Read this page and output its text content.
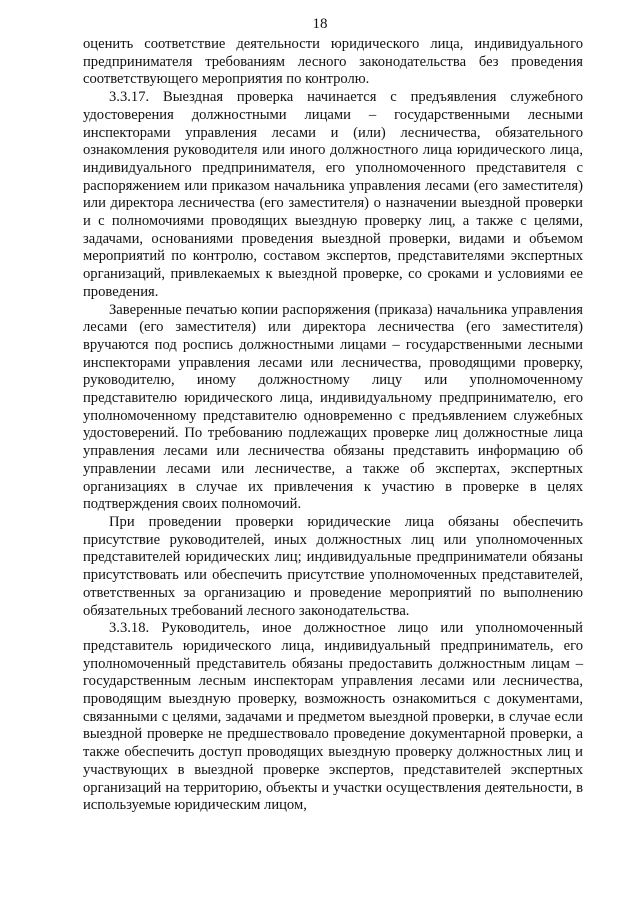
18

оценить соответствие деятельности юридического лица, индивидуального предпринимателя требованиям лесного законодательства без проведения соответствующего мероприятия по контролю.

3.3.17. Выездная проверка начинается с предъявления служебного удостоверения должностными лицами – государственными лесными инспекторами управления лесами и (или) лесничества, обязательного ознакомления руководителя или иного должностного лица юридического лица, индивидуального предпринимателя, его уполномоченного представителя с распоряжением или приказом начальника управления лесами (его заместителя) или директора лесничества (его заместителя) о назначении выездной проверки и с полномочиями проводящих выездную проверку лиц, а также с целями, задачами, основаниями проведения выездной проверки, видами и объемом мероприятий по контролю, составом экспертов, представителями экспертных организаций, привлекаемых к выездной проверке, со сроками и условиями ее проведения.

Заверенные печатью копии распоряжения (приказа) начальника управления лесами (его заместителя) или директора лесничества (его заместителя) вручаются под роспись должностными лицами – государственными лесными инспекторами управления лесами или лесничества, проводящими проверку, руководителю, иному должностному лицу или уполномоченному представителю юридического лица, индивидуальному предпринимателю, его уполномоченному представителю одновременно с предъявлением служебных удостоверений. По требованию подлежащих проверке лиц должностные лица управления лесами или лесничества обязаны представить информацию об управлении лесами или лесничестве, а также об экспертах, экспертных организациях в случае их привлечения к участию в проверке в целях подтверждения своих полномочий.

При проведении проверки юридические лица обязаны обеспечить присутствие руководителей, иных должностных лиц или уполномоченных представителей юридических лиц; индивидуальные предприниматели обязаны присутствовать или обеспечить присутствие уполномоченных представителей, ответственных за организацию и проведение мероприятий по выполнению обязательных требований лесного законодательства.

3.3.18. Руководитель, иное должностное лицо или уполномоченный представитель юридического лица, индивидуальный предприниматель, его уполномоченный представитель обязаны предоставить должностным лицам – государственным лесным инспекторам управления лесами или лесничества, проводящим выездную проверку, возможность ознакомиться с документами, связанными с целями, задачами и предметом выездной проверки, в случае если выездной проверке не предшествовало проведение документарной проверки, а также обеспечить доступ проводящих выездную проверку должностных лиц и участвующих в выездной проверке экспертов, представителей экспертных организаций на территорию, объекты и участки осуществления деятельности, в используемые юридическим лицом,
